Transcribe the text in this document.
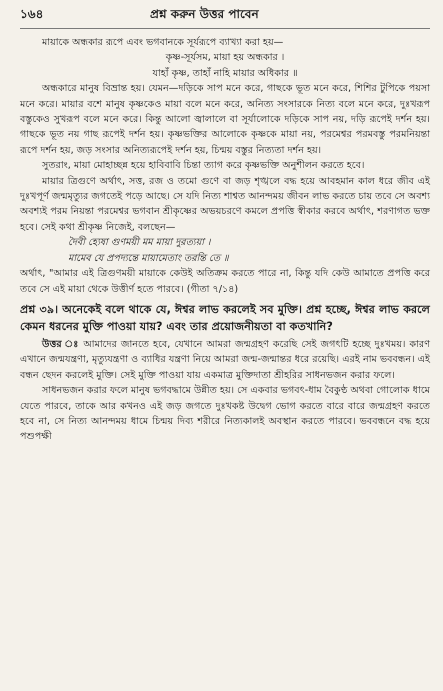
১৬৪	প্রশ্ন করুন উত্তর পাবেন

মায়াকে অন্ধকার রূপে এবং ভগবানকে সূর্যরূপে ব্যাখ্যা করা হয়—

কৃষ্ণ-সূর্যসম, মায়া হয় অন্ধকার ।

যাহাঁ কৃষ্ণ, তাহাঁ নাহি মায়ার অধিকার ॥

অন্ধকারে মানুষ বিভ্রান্ত হয়। যেমন—দড়িকে সাপ মনে করে, গাছকে ভূত মনে করে, শিশির টুপিকে পয়সা মনে করে। মায়ার বশে মানুষ কৃষ্ণকেও মায়া বলে মনে করে, অনিত্য সংসারকে নিত্য বলে মনে করে, দুঃখরূপ বস্তুকেও সুখরূপ বলে মনে করে। কিন্তু আলো জ্বালালে বা সূর্যালোকে দড়িকে সাপ নয়, দড়ি রূপেই দর্শন হয়। গাছকে ভূত নয় গাছ রূপেই দর্শন হয়। কৃষ্ণভক্তির আলোকে কৃষ্ণকে মায়া নয়, পরমেশ্বর পরমবস্তু পরমনিয়ন্তা রূপে দর্শন হয়, জড় সংসার অনিত্যরূপেই দর্শন হয়, চিন্ময় বস্তুর নিত্যতা দর্শন হয়।

সুতরাং, মায়া মোহাচ্ছন্ন হয়ে হাবিবাবি চিন্তা ত্যাগ করে কৃষ্ণভক্তি অনুশীলন করতে হবে।

মায়ার ত্রিগুণে অর্থাৎ, সত্ত, রজ ও তমো গুণে বা জড় শৃঙ্খলে বদ্ধ হয়ে আবহমান কাল ধরে জীব এই দুঃখপূর্ণ জন্মমৃত্যুর জগতেই পড়ে আছে। সে যদি নিত্য শাশ্বত আনন্দময় জীবন লাভ করতে চায় তবে সে অবশ্য অবশ্যই পরম নিয়ন্তা পরমেশ্বর ভগবান শ্রীকৃষ্ণের অভয়চরণে কমলে প্রপত্তি স্বীকার করবে অর্থাৎ, শরণাগত ভক্ত হবে। সেই কথা শ্রীকৃষ্ণ নিজেই, বলছেন—

দৈবী হ্যেষা গুণময়ী মম মায়া দুরত্যয়া ।

মামেব যে প্রপদ্যন্তে মায়ামেতাং তরন্তি তে ॥

অর্থাৎ, "আমার এই ত্রিগুণময়ী মায়াকে কেউই অতিক্রম করতে পারে না, কিন্তু যদি কেউ আমাতে প্রপত্তি করে তবে সে এই মায়া থেকে উত্তীর্ণ হতে পারবে। (গীতা ৭/১৪)

প্রশ্ন ৩৯। অনেকেই বলে থাকে যে, ঈশ্বর লাভ করলেই সব মুক্তি। প্রশ্ন হচ্ছে, ঈশ্বর লাভ করলে কেমন ধরনের মুক্তি পাওয়া যায়? এবং তার প্রয়োজনীয়তা বা কতখানি?

উত্তর ঃ আমাদের জানতে হবে, যেখানে আমরা জন্মগ্রহণ করেছি সেই জগৎটি হচ্ছে দুঃখময়। কারণ এখানে জন্মযন্ত্রণা, মৃত্যুযন্ত্রণা ও ব্যাধির যন্ত্রণা নিয়ে আমরা জন্ম-জন্মান্তর ধরে রয়েছি। এরই নাম ভববন্ধন। এই বন্ধন ছেদন করলেই মুক্তি। সেই মুক্তি পাওয়া যায় একমাত্র মুক্তিদাতা শ্রীহরির সাধনভজন করার ফলে।

সাধনভজন করার ফলে মানুষ ভগবদ্ধামে উন্নীত হয়। সে একবার ভগবৎ-ধাম বৈকুণ্ঠ অথবা গোলোক ধামে যেতে পারবে, তাকে আর কখনও এই জড় জগতে দুঃখকষ্ট উদ্বেগ ভোগ করতে বারে বারে জন্মগ্রহণ করতে হবে না, সে নিত্য আনন্দময় ধামে চিন্ময় দিব্য শরীরে নিত্যকালই অবস্থান করতে পারবে। ভববন্ধনে বদ্ধ হয়ে পশুপক্ষী
